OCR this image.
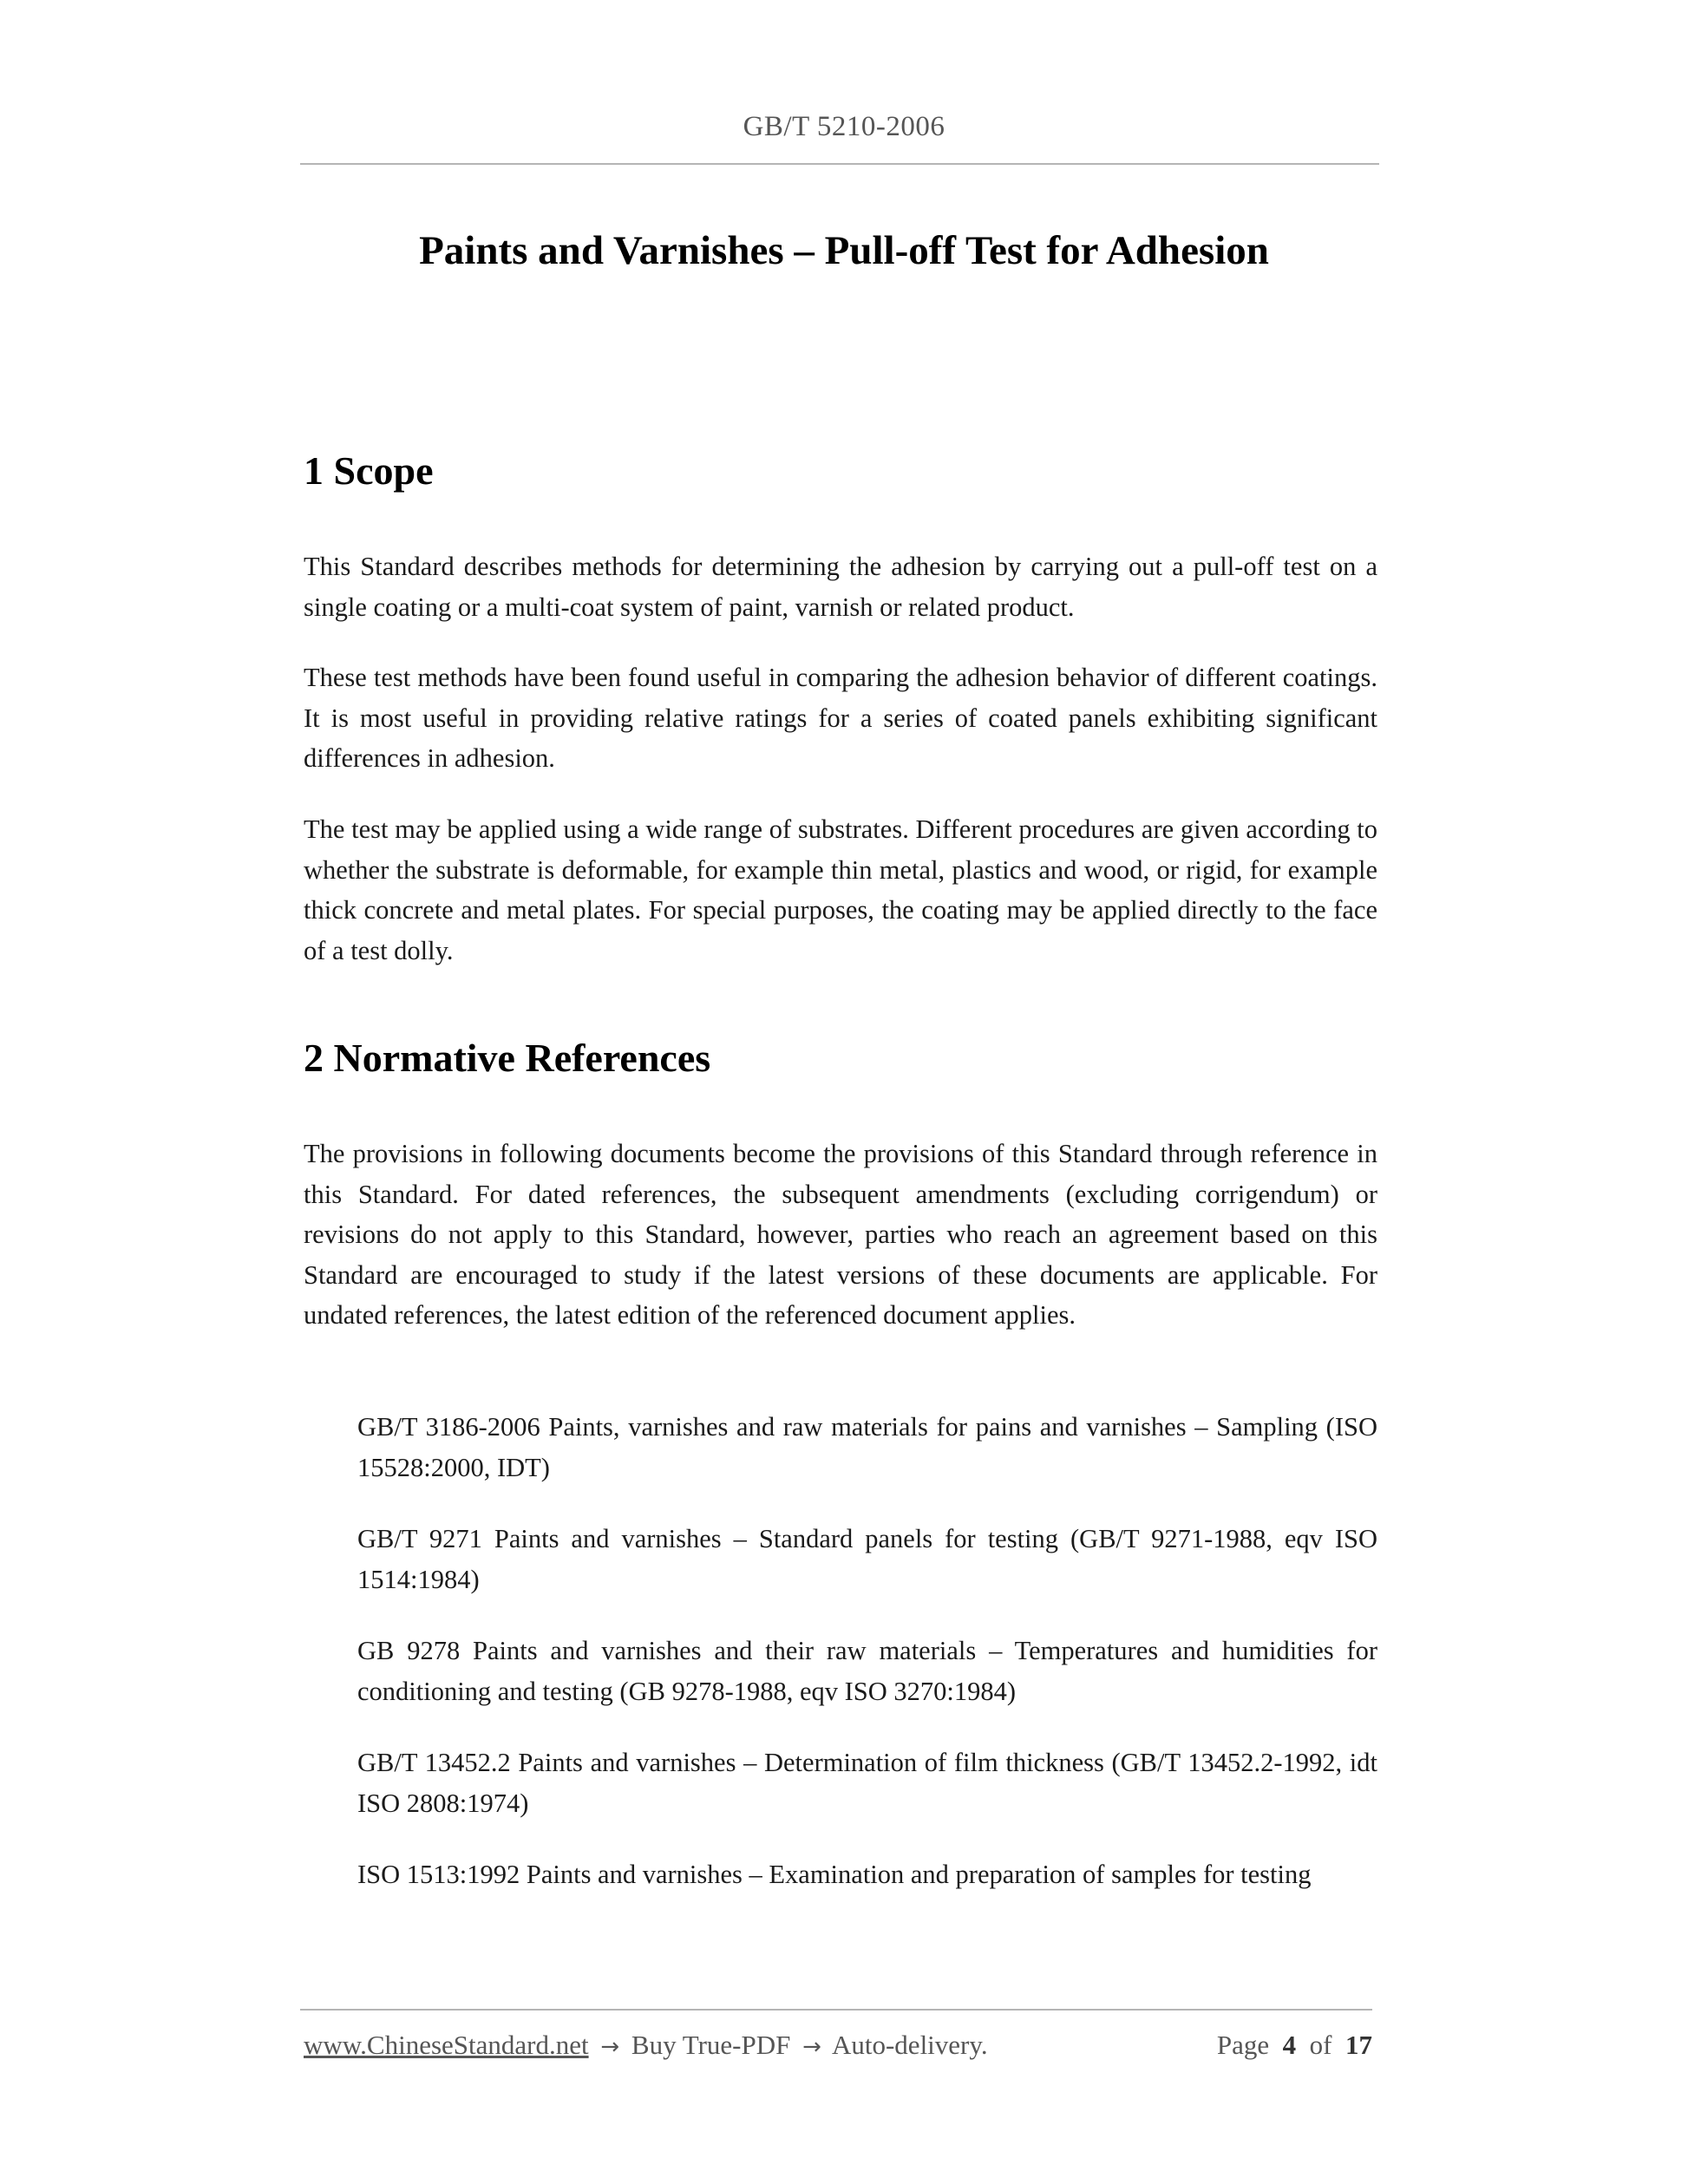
GB/T 5210-2006
Paints and Varnishes – Pull-off Test for Adhesion
1 Scope
This Standard describes methods for determining the adhesion by carrying out a pull-off test on a single coating or a multi-coat system of paint, varnish or related product.
These test methods have been found useful in comparing the adhesion behavior of different coatings. It is most useful in providing relative ratings for a series of coated panels exhibiting significant differences in adhesion.
The test may be applied using a wide range of substrates. Different procedures are given according to whether the substrate is deformable, for example thin metal, plastics and wood, or rigid, for example thick concrete and metal plates. For special purposes, the coating may be applied directly to the face of a test dolly.
2 Normative References
The provisions in following documents become the provisions of this Standard through reference in this Standard. For dated references, the subsequent amendments (excluding corrigendum) or revisions do not apply to this Standard, however, parties who reach an agreement based on this Standard are encouraged to study if the latest versions of these documents are applicable. For undated references, the latest edition of the referenced document applies.
GB/T 3186-2006 Paints, varnishes and raw materials for pains and varnishes – Sampling (ISO 15528:2000, IDT)
GB/T 9271 Paints and varnishes – Standard panels for testing (GB/T 9271-1988, eqv ISO 1514:1984)
GB 9278 Paints and varnishes and their raw materials – Temperatures and humidities for conditioning and testing (GB 9278-1988, eqv ISO 3270:1984)
GB/T 13452.2 Paints and varnishes – Determination of film thickness (GB/T 13452.2-1992, idt ISO 2808:1974)
ISO 1513:1992 Paints and varnishes – Examination and preparation of samples for testing
www.ChineseStandard.net → Buy True-PDF → Auto-delivery.	Page 4 of 17
